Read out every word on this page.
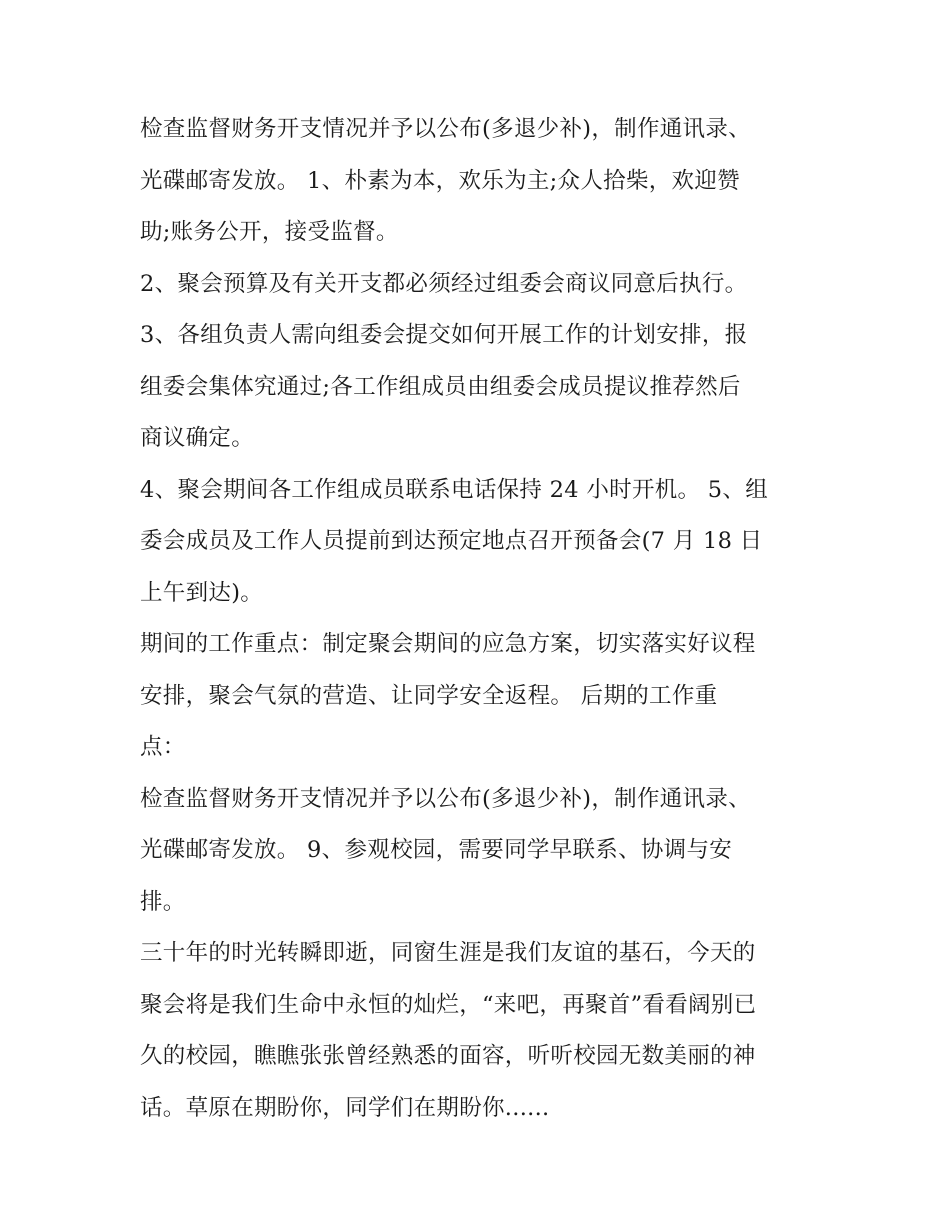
检查监督财务开支情况并予以公布(多退少补)，制作通讯录、
光碟邮寄发放。 1、朴素为本，欢乐为主;众人拾柴，欢迎赞
助;账务公开，接受监督。
2、聚会预算及有关开支都必须经过组委会商议同意后执行。
3、各组负责人需向组委会提交如何开展工作的计划安排，报
组委会集体究通过;各工作组成员由组委会成员提议推荐然后
商议确定。
4、聚会期间各工作组成员联系电话保持 24 小时开机。 5、组
委会成员及工作人员提前到达预定地点召开预备会(7 月 18 日
上午到达)。
期间的工作重点：制定聚会期间的应急方案，切实落实好议程
安排，聚会气氛的营造、让同学安全返程。 后期的工作重
点：
检查监督财务开支情况并予以公布(多退少补)，制作通讯录、
光碟邮寄发放。 9、参观校园，需要同学早联系、协调与安
排。
三十年的时光转瞬即逝，同窗生涯是我们友谊的基石，今天的
聚会将是我们生命中永恒的灿烂，“来吧，再聚首”看看阔别已
久的校园，瞧瞧张张曾经熟悉的面容，听听校园无数美丽的神
话。草原在期盼你，同学们在期盼你......
